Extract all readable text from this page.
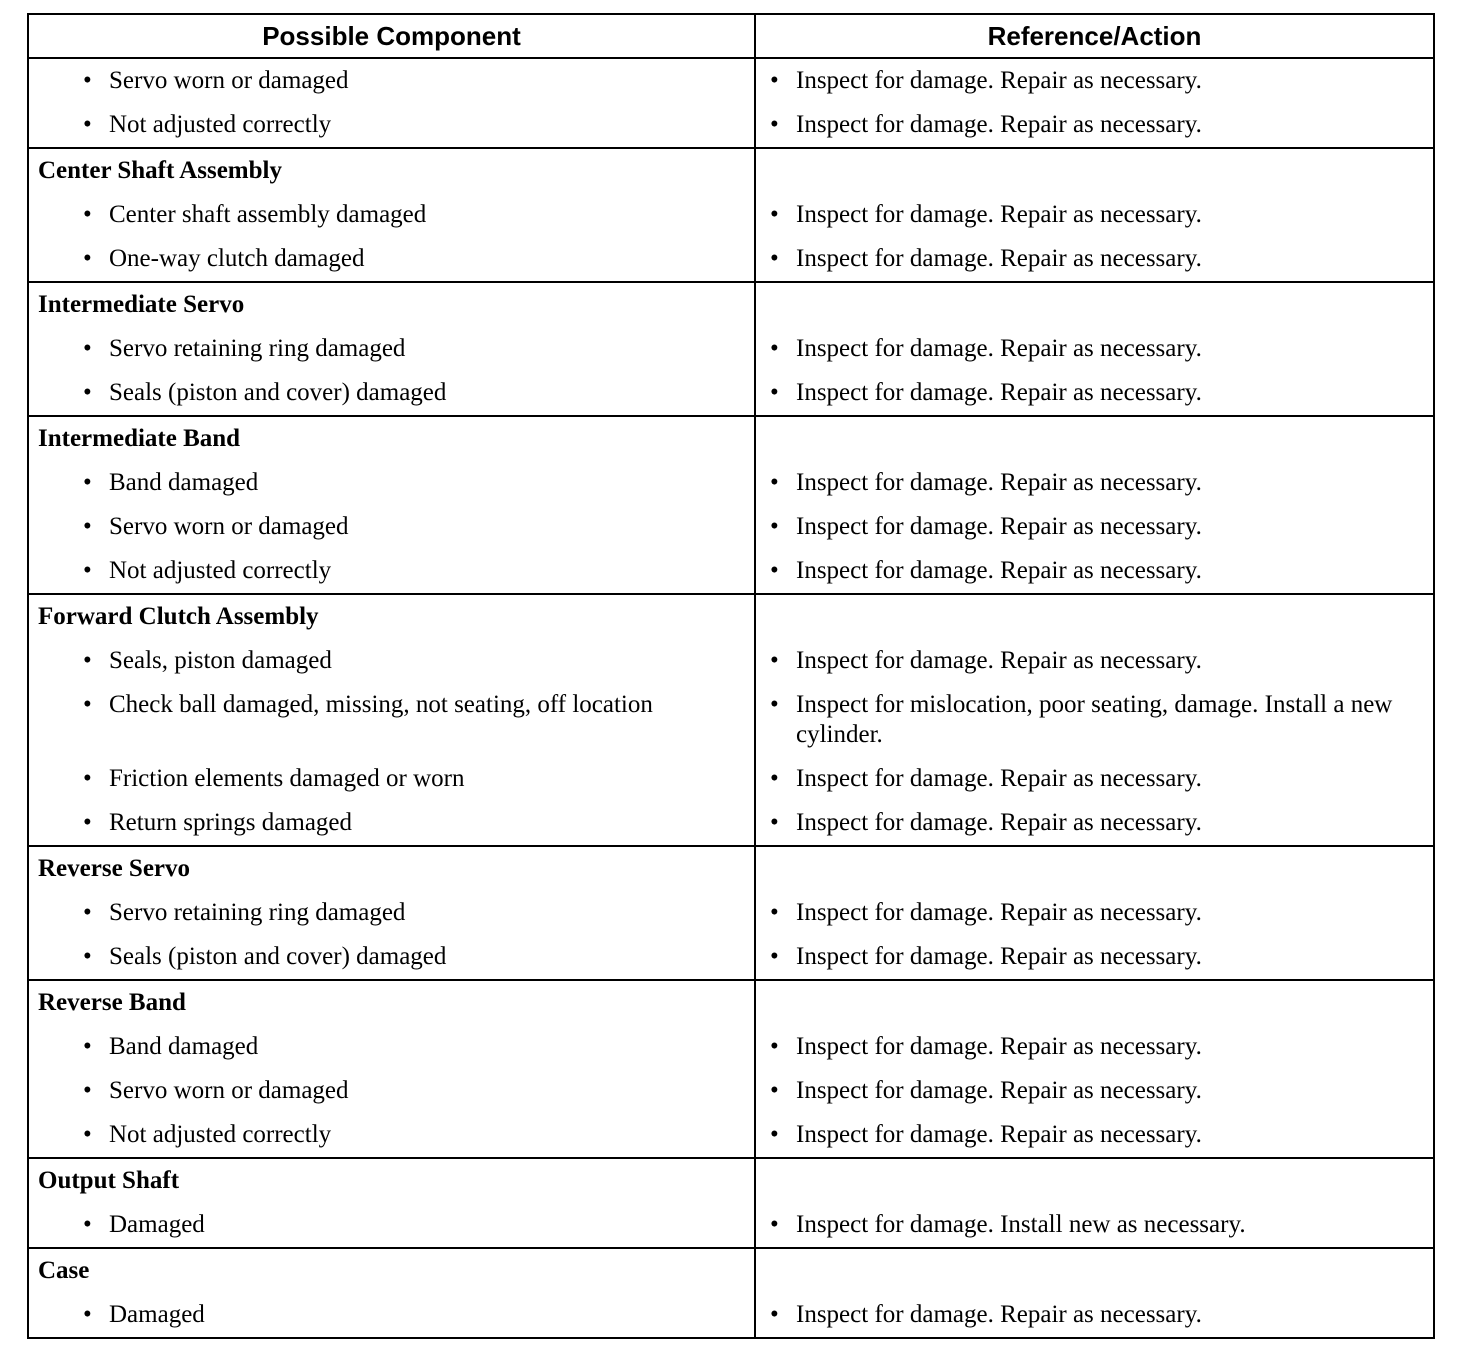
Possible Component	Reference/Action

• Servo worn or damaged	• Inspect for damage. Repair as necessary.

• Not adjusted correctly	• Inspect for damage. Repair as necessary.

Center Shaft Assembly	

• Center shaft assembly damaged	• Inspect for damage. Repair as necessary.

• One-way clutch damaged	• Inspect for damage. Repair as necessary.

Intermediate Servo	

• Servo retaining ring damaged	• Inspect for damage. Repair as necessary.

• Seals (piston and cover) damaged	• Inspect for damage. Repair as necessary.

Intermediate Band	

• Band damaged	• Inspect for damage. Repair as necessary.

• Servo worn or damaged	• Inspect for damage. Repair as necessary.

• Not adjusted correctly	• Inspect for damage. Repair as necessary.

Forward Clutch Assembly	

• Seals, piston damaged	• Inspect for damage. Repair as necessary.

• Check ball damaged, missing, not seating, off location	• Inspect for mislocation, poor seating, damage. Install a new cylinder.

• Friction elements damaged or worn	• Inspect for damage. Repair as necessary.

• Return springs damaged	• Inspect for damage. Repair as necessary.

Reverse Servo	

• Servo retaining ring damaged	• Inspect for damage. Repair as necessary.

• Seals (piston and cover) damaged	• Inspect for damage. Repair as necessary.

Reverse Band	

• Band damaged	• Inspect for damage. Repair as necessary.

• Servo worn or damaged	• Inspect for damage. Repair as necessary.

• Not adjusted correctly	• Inspect for damage. Repair as necessary.

Output Shaft	

• Damaged	• Inspect for damage. Install new as necessary.

Case	

• Damaged	• Inspect for damage. Repair as necessary.
